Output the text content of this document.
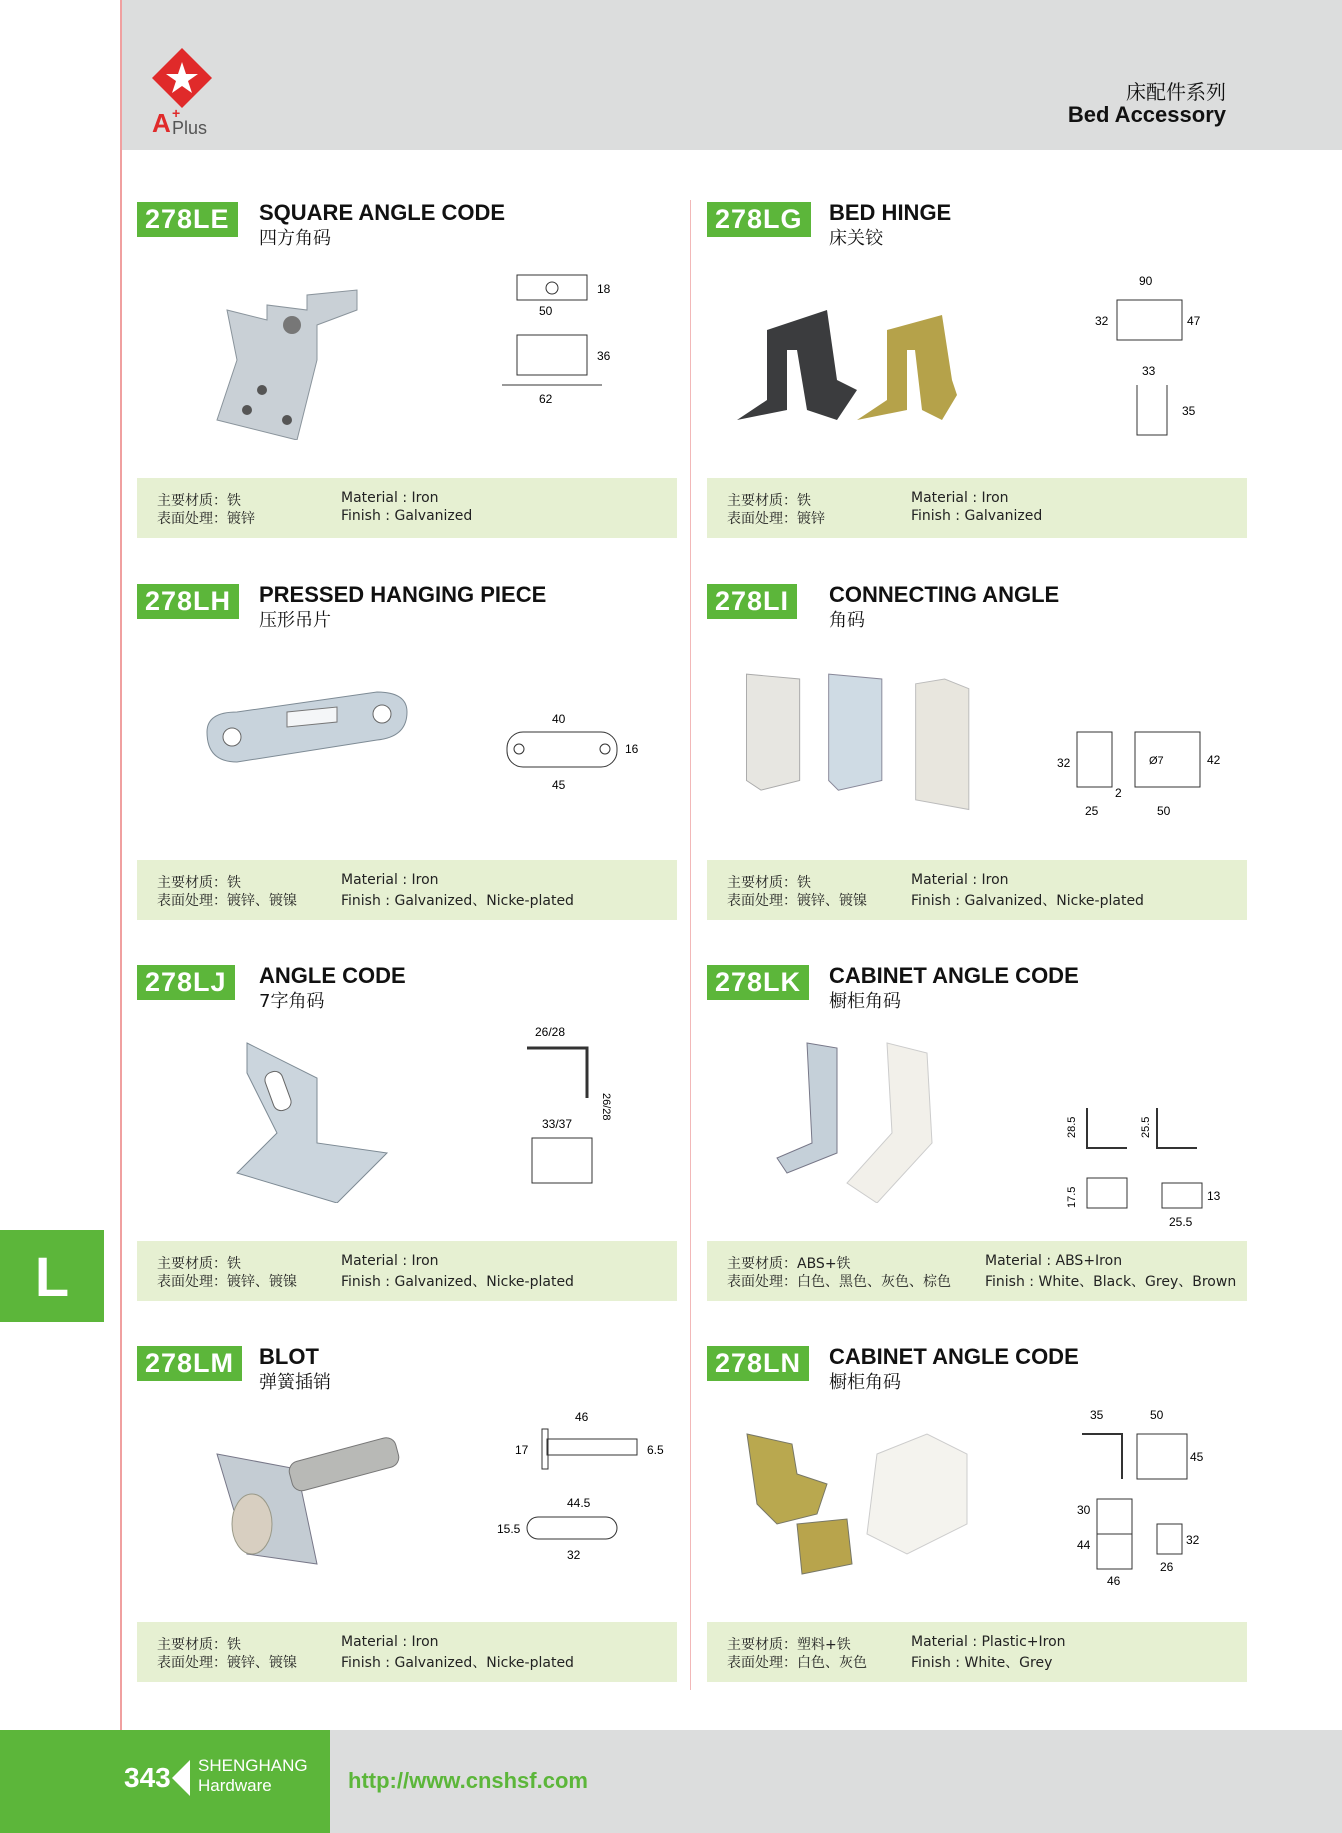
A +
Plus
床配件系列
Bed Accessory
278LE	SQUARE ANGLE CODE
四方角码
50
18
36
62
主要材质：铁
表面处理：镀锌
Material : Iron
Finish : Galvanized
278LG	BED HINGE
床关铰
90
32	47
33
35
主要材质：铁
表面处理：镀锌
Material : Iron
Finish : Galvanized
278LH	PRESSED HANGING PIECE
压形吊片
40
16
45
主要材质：铁
表面处理：镀锌、镀镍
Material : Iron
Finish : Galvanized、Nicke-plated
278LI	CONNECTING ANGLE
角码
32
2
25
Ø7	42
50
主要材质：铁
表面处理：镀锌、镀镍
Material : Iron
Finish : Galvanized、Nicke-plated
278LJ	ANGLE CODE
7字角码
26/28
26/28
33/37
主要材质：铁
表面处理：镀锌、镀镍
Material : Iron
Finish : Galvanized、Nicke-plated
278LK	CABINET ANGLE CODE
橱柜角码
28.5	25.5
17.5	13
25.5
主要材质：ABS+铁
表面处理：白色、黑色、灰色、棕色
Material : ABS+Iron
Finish : White、Black、Grey、Brown
278LM	BLOT
弹簧插销
46
17	6.5
44.5
15.5
32
主要材质：铁
表面处理：镀锌、镀镍
Material : Iron
Finish : Galvanized、Nicke-plated
278LN	CABINET ANGLE CODE
橱柜角码
35	50
45
30
44	32
26
46
主要材质：塑料+铁
表面处理：白色、灰色
Material : Plastic+Iron
Finish : White、Grey
L
343 SHENGHANG
Hardware	http://www.cnshsf.com
